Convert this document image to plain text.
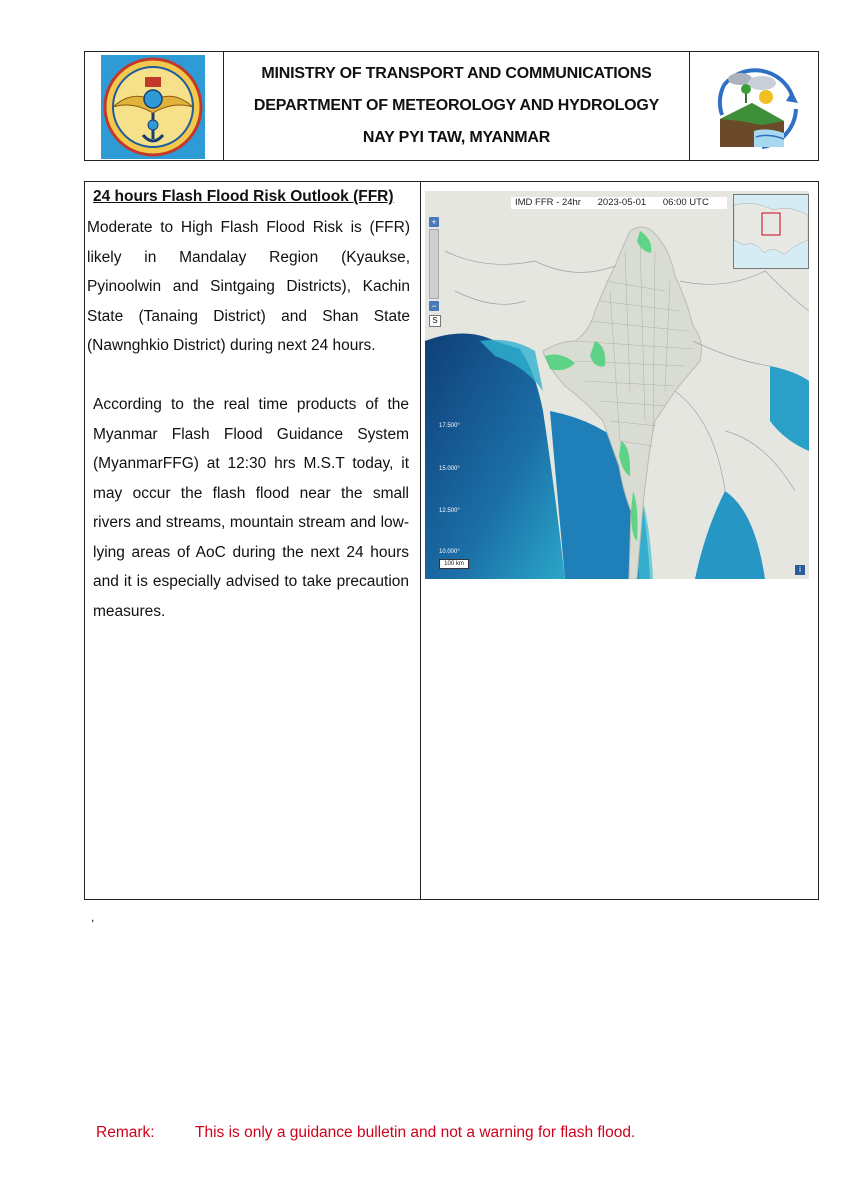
MINISTRY OF TRANSPORT AND COMMUNICATIONS
DEPARTMENT OF METEOROLOGY AND HYDROLOGY
NAY PYI TAW, MYANMAR
24 hours Flash Flood Risk Outlook (FFR)
Moderate to High Flash Flood Risk is (FFR) likely in Mandalay Region (Kyaukse, Pyinoolwin and Sintgaing Districts), Kachin State (Tanaing District) and Shan State (Nawnghkio District) during next 24 hours.
According to the real time products of the Myanmar Flash Flood Guidance System (MyanmarFFG) at 12:30 hrs M.S.T today, it may occur the flash flood near the small rivers and streams, mountain stream and low-lying areas of AoC during the next 24 hours and it is especially advised to take precaution measures.
IMD FFR - 24hr 2023-05-01 06:00 UTC
+
−
S
17.500°
15.000°
12.500°
10.000°
100 km
i
,
Remark:	This is only a guidance bulletin and not a warning for flash flood.
